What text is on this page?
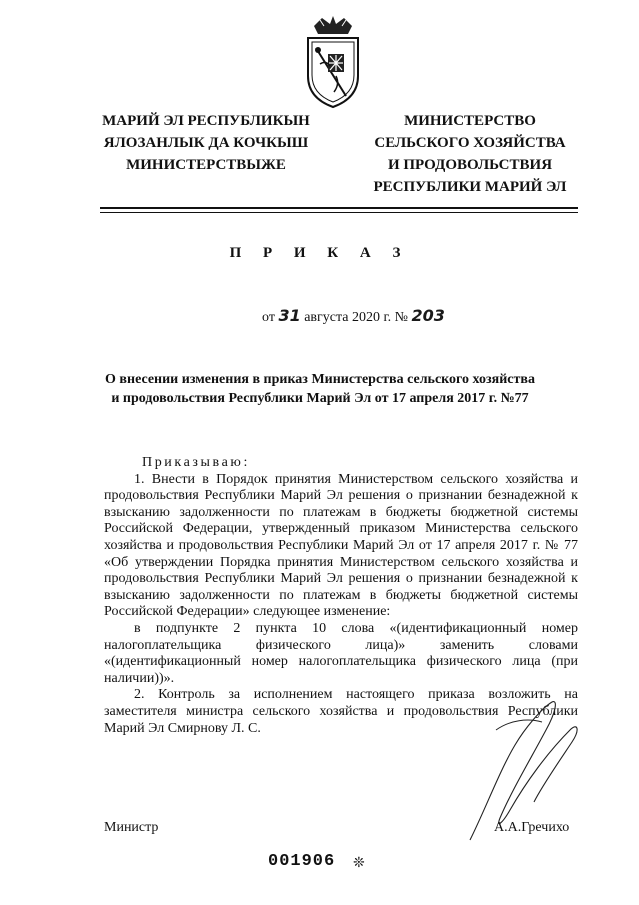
МАРИЙ ЭЛ РЕСПУБЛИКЫН
ЯЛОЗАНЛЫК ДА КОЧКЫШ
МИНИСТЕРСТВЫЖЕ
МИНИСТЕРСТВО
СЕЛЬСКОГО ХОЗЯЙСТВА
И ПРОДОВОЛЬСТВИЯ
РЕСПУБЛИКИ МАРИЙ ЭЛ
П Р И К А З
от 31 августа 2020 г. № 203
О внесении изменения в приказ Министерства сельского хозяйства
и продовольствия Республики Марий Эл от 17 апреля 2017 г. №77

Приказываю:

1. Внести в Порядок принятия Министерством сельского хозяйства и продовольствия Республики Марий Эл решения о признании безнадежной к взысканию задолженности по платежам в бюджеты бюджетной системы Российской Федерации, утвержденный приказом Министерства сельского хозяйства и продовольствия Республики Марий Эл от 17 апреля 2017 г. № 77 «Об утверждении Порядка принятия Министерством сельского хозяйства и продовольствия Республики Марий Эл решения о признании безнадежной к взысканию задолженности по платежам в бюджеты бюджетной системы Российской Федерации» следующее изменение:

в подпункте 2 пункта 10 слова «(идентификационный номер налогоплательщика физического лица)» заменить словами «(идентификационный номер налогоплательщика физического лица (при наличии))».

2. Контроль за исполнением настоящего приказа возложить на заместителя министра сельского хозяйства и продовольствия Республики Марий Эл Смирнову Л. С.

Министр	А.А.Гречихо
001906 ❊
